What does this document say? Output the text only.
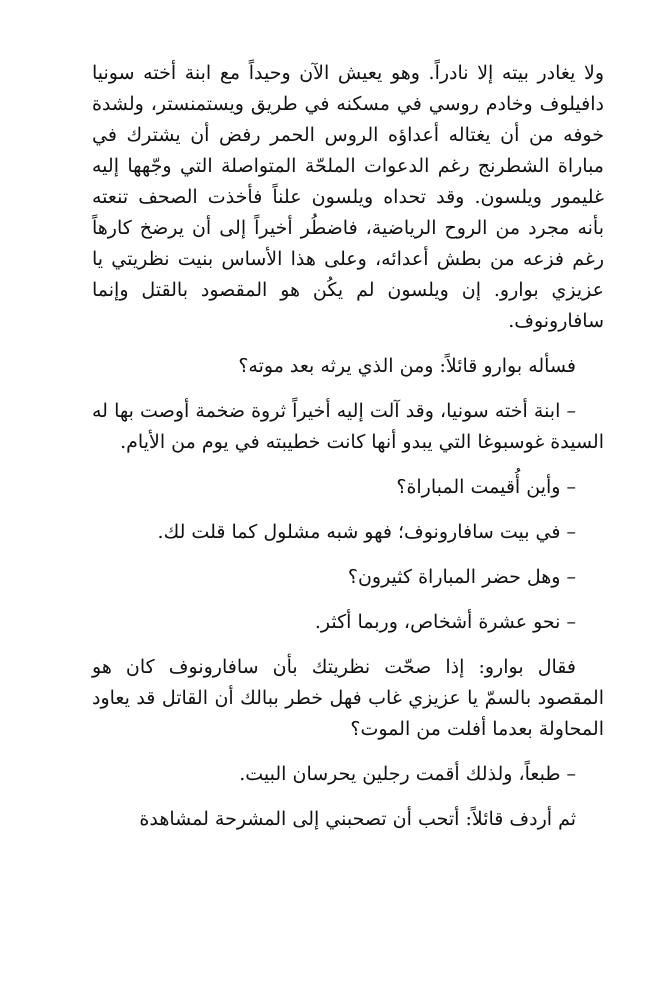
ولا يغادر بيته إلا نادراً. وهو يعيش الآن وحيداً مع ابنة أخته سونيا دافيلوف وخادم روسي في مسكنه في طريق ويستمنستر، ولشدة خوفه من أن يغتاله أعداؤه الروس الحمر رفض أن يشترك في مباراة الشطرنج رغم الدعوات الملحّة المتواصلة التي وجّهها إليه غليمور ويلسون. وقد تحداه ويلسون علناً فأخذت الصحف تنعته بأنه مجرد من الروح الرياضية، فاضطُر أخيراً إلى أن يرضخ كارهاً رغم فزعه من بطش أعدائه، وعلى هذا الأساس بنيت نظريتي يا عزيزي بوارو. إن ويلسون لم يكُن هو المقصود بالقتل وإنما سافارونوف.

فسأله بوارو قائلاً: ومن الذي يرثه بعد موته؟

– ابنة أخته سونيا، وقد آلت إليه أخيراً ثروة ضخمة أوصت بها له السيدة غوسبوغا التي يبدو أنها كانت خطيبته في يوم من الأيام.

– وأين أُقيمت المباراة؟

– في بيت سافارونوف؛ فهو شبه مشلول كما قلت لك.

– وهل حضر المباراة كثيرون؟

– نحو عشرة أشخاص، وربما أكثر.

فقال بوارو: إذا صحّت نظريتك بأن سافارونوف كان هو المقصود بالسمّ يا عزيزي غاب فهل خطر ببالك أن القاتل قد يعاود المحاولة بعدما أفلت من الموت؟

– طبعاً، ولذلك أقمت رجلين يحرسان البيت.

ثم أردف قائلاً: أتحب أن تصحبني إلى المشرحة لمشاهدة
